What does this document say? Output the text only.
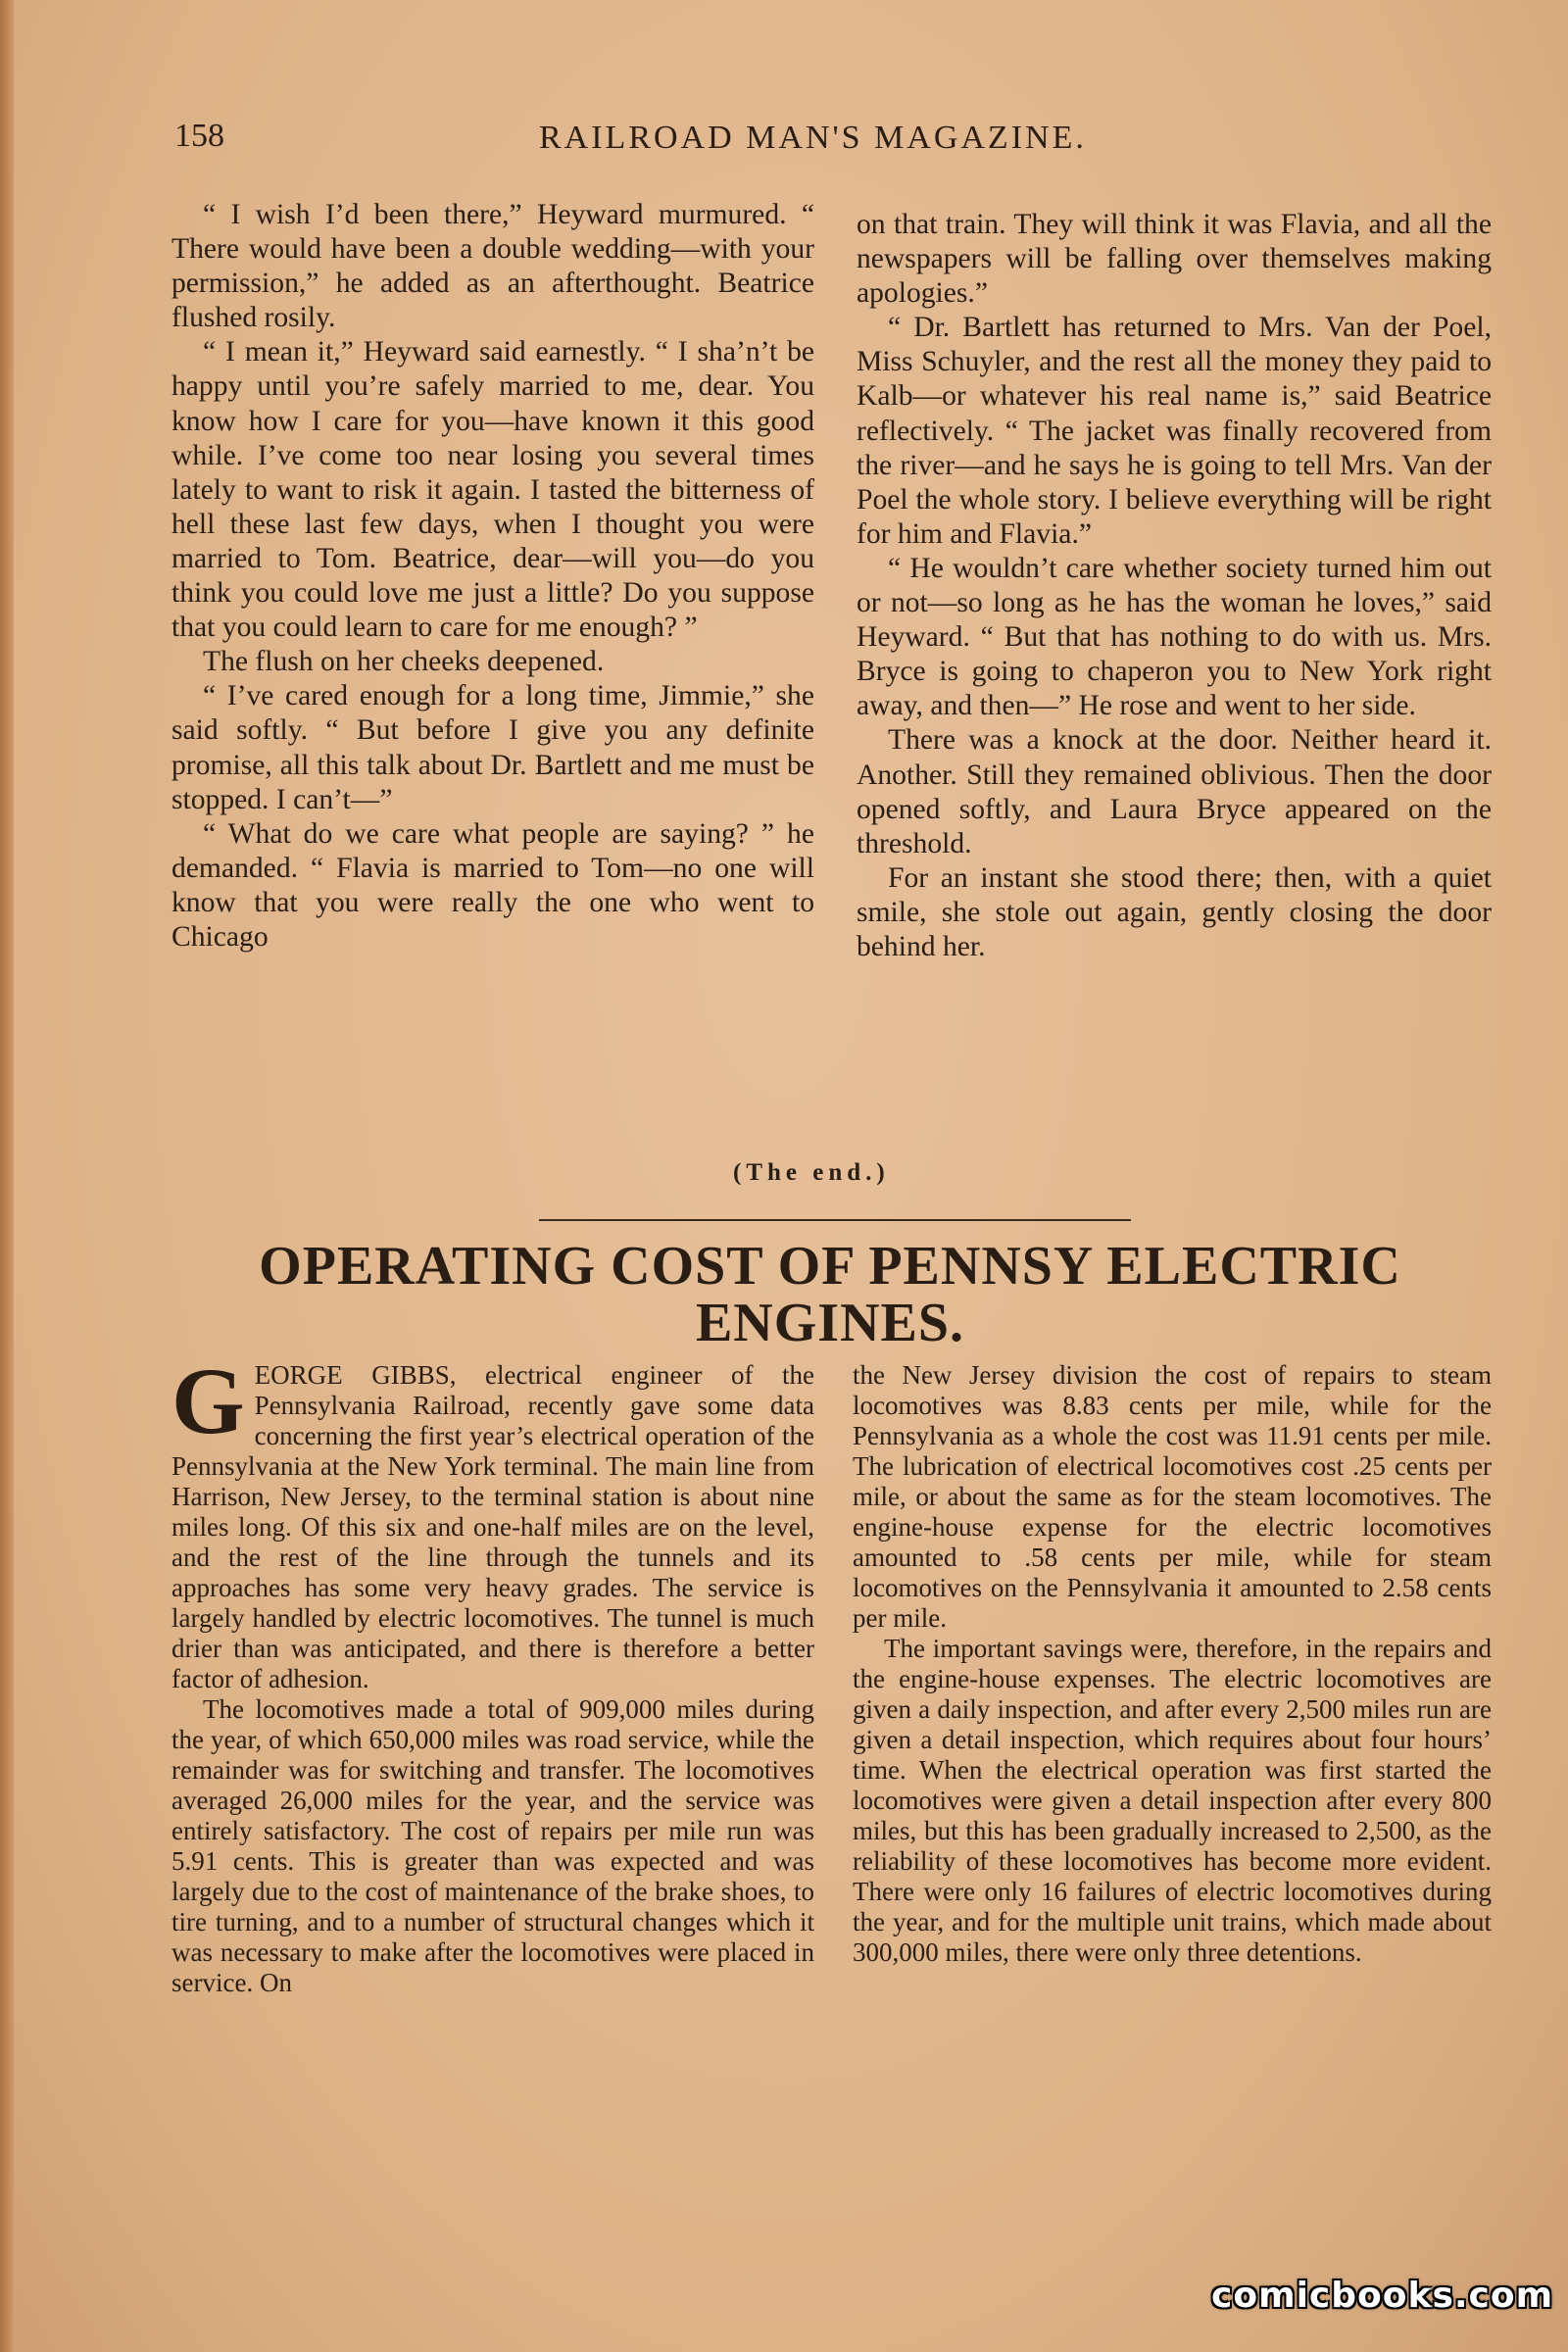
158	RAILROAD MAN'S MAGAZINE.

“ I wish I’d been there,” Heyward murmured. “ There would have been a double wedding—with your permission,” he added as an afterthought. Beatrice flushed rosily.

“ I mean it,” Heyward said earnestly. “ I sha’n’t be happy until you’re safely married to me, dear. You know how I care for you—have known it this good while. I’ve come too near losing you several times lately to want to risk it again. I tasted the bitterness of hell these last few days, when I thought you were married to Tom. Beatrice, dear—will you—do you think you could love me just a little? Do you suppose that you could learn to care for me enough? ”

The flush on her cheeks deepened.

“ I’ve cared enough for a long time, Jimmie,” she said softly. “ But before I give you any definite promise, all this talk about Dr. Bartlett and me must be stopped. I can’t—”

“ What do we care what people are saying? ” he demanded. “ Flavia is married to Tom—no one will know that you were really the one who went to Chicago

on that train. They will think it was Flavia, and all the newspapers will be falling over themselves making apologies.”

“ Dr. Bartlett has returned to Mrs. Van der Poel, Miss Schuyler, and the rest all the money they paid to Kalb—or whatever his real name is,” said Beatrice reflectively. “ The jacket was finally recovered from the river—and he says he is going to tell Mrs. Van der Poel the whole story. I believe everything will be right for him and Flavia.”

“ He wouldn’t care whether society turned him out or not—so long as he has the woman he loves,” said Heyward. “ But that has nothing to do with us. Mrs. Bryce is going to chaperon you to New York right away, and then—” He rose and went to her side.

There was a knock at the door. Neither heard it. Another. Still they remained oblivious. Then the door opened softly, and Laura Bryce appeared on the threshold.

For an instant she stood there; then, with a quiet smile, she stole out again, gently closing the door behind her.

(The end.)
OPERATING COST OF PENNSY ELECTRIC
ENGINES.

GEORGE GIBBS, electrical engineer of the Pennsylvania Railroad, recently gave some data concerning the first year’s electrical operation of the Pennsylvania at the New York terminal. The main line from Harrison, New Jersey, to the terminal station is about nine miles long. Of this six and one-half miles are on the level, and the rest of the line through the tunnels and its approaches has some very heavy grades. The service is largely handled by electric locomotives. The tunnel is much drier than was anticipated, and there is therefore a better factor of adhesion.

The locomotives made a total of 909,000 miles during the year, of which 650,000 miles was road service, while the remainder was for switching and transfer. The locomotives averaged 26,000 miles for the year, and the service was entirely satisfactory. The cost of repairs per mile run was 5.91 cents. This is greater than was expected and was largely due to the cost of maintenance of the brake shoes, to tire turning, and to a number of structural changes which it was necessary to make after the locomotives were placed in service. On

the New Jersey division the cost of repairs to steam locomotives was 8.83 cents per mile, while for the Pennsylvania as a whole the cost was 11.91 cents per mile. The lubrication of electrical locomotives cost .25 cents per mile, or about the same as for the steam locomotives. The engine-house expense for the electric locomotives amounted to .58 cents per mile, while for steam locomotives on the Pennsylvania it amounted to 2.58 cents per mile.

The important savings were, therefore, in the repairs and the engine-house expenses. The electric locomotives are given a daily inspection, and after every 2,500 miles run are given a detail inspection, which requires about four hours’ time. When the electrical operation was first started the locomotives were given a detail inspection after every 800 miles, but this has been gradually increased to 2,500, as the reliability of these locomotives has become more evident. There were only 16 failures of electric locomotives during the year, and for the multiple unit trains, which made about 300,000 miles, there were only three detentions.

comicbooks.com
